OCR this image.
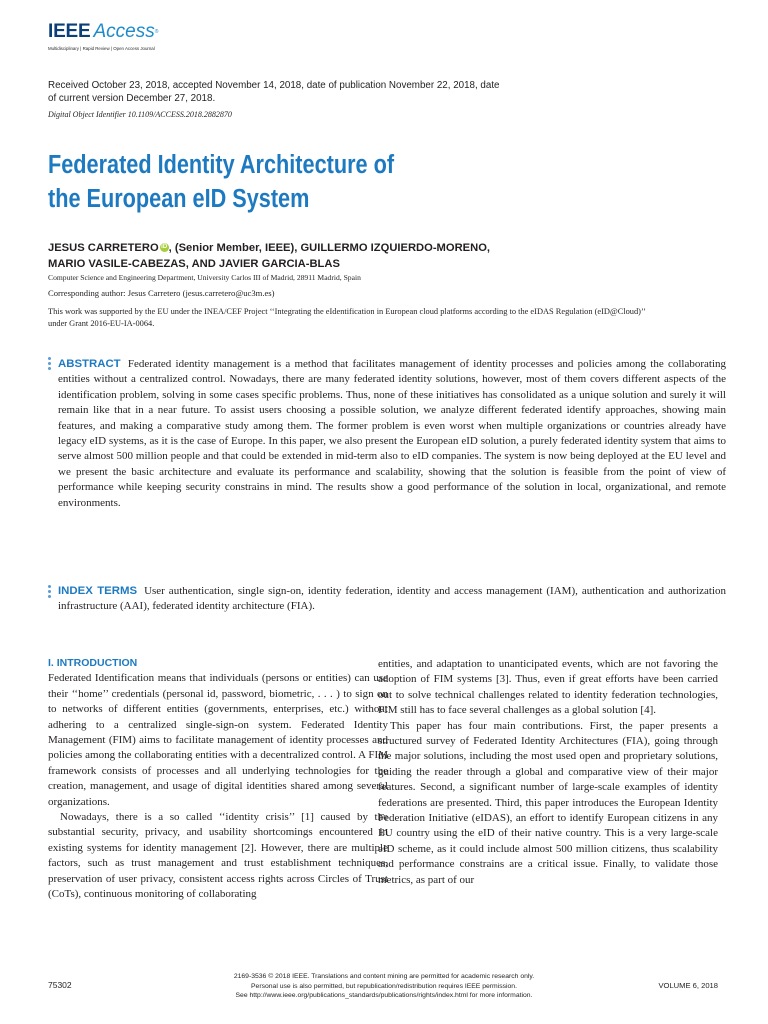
IEEE Access®
Multidisciplinary | Rapid Review | Open Access Journal
Received October 23, 2018, accepted November 14, 2018, date of publication November 22, 2018, date of current version December 27, 2018.
Digital Object Identifier 10.1109/ACCESS.2018.2882870
Federated Identity Architecture of
the European eID System
JESUS CARRETERO iD , (Senior Member, IEEE), GUILLERMO IZQUIERDO-MORENO,
MARIO VASILE-CABEZAS, AND JAVIER GARCIA-BLAS
Computer Science and Engineering Department, University Carlos III of Madrid, 28911 Madrid, Spain
Corresponding author: Jesus Carretero (jesus.carretero@uc3m.es)
This work was supported by the EU under the INEA/CEF Project ‘‘Integrating the eIdentification in European cloud platforms according to the eIDAS Regulation (eID@Cloud)’’ under Grant 2016-EU-IA-0064.
ABSTRACT Federated identity management is a method that facilitates management of identity processes and policies among the collaborating entities without a centralized control. Nowadays, there are many federated identity solutions, however, most of them covers different aspects of the identification problem, solving in some cases specific problems. Thus, none of these initiatives has consolidated as a unique solution and surely it will remain like that in a near future. To assist users choosing a possible solution, we analyze different federated identify approaches, showing main features, and making a comparative study among them. The former problem is even worst when multiple organizations or countries already have legacy eID systems, as it is the case of Europe. In this paper, we also present the European eID solution, a purely federated identity system that aims to serve almost 500 million people and that could be extended in mid-term also to eID companies. The system is now being deployed at the EU level and we present the basic architecture and evaluate its performance and scalability, showing that the solution is feasible from the point of view of performance while keeping security constrains in mind. The results show a good performance of the solution in local, organizational, and remote environments.
INDEX TERMS User authentication, single sign-on, identity federation, identity and access management (IAM), authentication and authorization infrastructure (AAI), federated identity architecture (FIA).
I. INTRODUCTION

Federated Identification means that individuals (persons or entities) can use their ‘‘home’’ credentials (personal id, password, biometric, . . . ) to sign on to networks of different entities (governments, enterprises, etc.) without adhering to a centralized single-sign-on system. Federated Identity Management (FIM) aims to facilitate management of identity processes and policies among the collaborating entities with a decentralized control. A FIM framework consists of processes and all underlying technologies for the creation, management, and usage of digital identities shared among several organizations.

Nowadays, there is a so called ‘‘identity crisis’’ [1] caused by the substantial security, privacy, and usability shortcomings encountered in existing systems for identity management [2]. However, there are multiple factors, such as trust management and trust establishment techniques, preservation of user privacy, consistent access rights across Circles of Trust (CoTs), continuous monitoring of collaborating

entities, and adaptation to unanticipated events, which are not favoring the adoption of FIM systems [3]. Thus, even if great efforts have been carried out to solve technical challenges related to identity federation technologies, FIM still has to face several challenges as a global solution [4].

This paper has four main contributions. First, the paper presents a structured survey of Federated Identity Architectures (FIA), going through the major solutions, including the most used open and proprietary solutions, guiding the reader through a global and comparative view of their major features. Second, a significant number of large-scale examples of identity federations are presented. Third, this paper introduces the European Identity Federation Initiative (eIDAS), an effort to identify European citizens in any EU country using the eID of their native country. This is a very large-scale eID scheme, as it could include almost 500 million citizens, thus scalability and performance constrains are a critical issue. Finally, to validate those metrics, as part of our

75302
2169-3536 © 2018 IEEE. Translations and content mining are permitted for academic research only.
Personal use is also permitted, but republication/redistribution requires IEEE permission.
See http://www.ieee.org/publications_standards/publications/rights/index.html for more information.
VOLUME 6, 2018
